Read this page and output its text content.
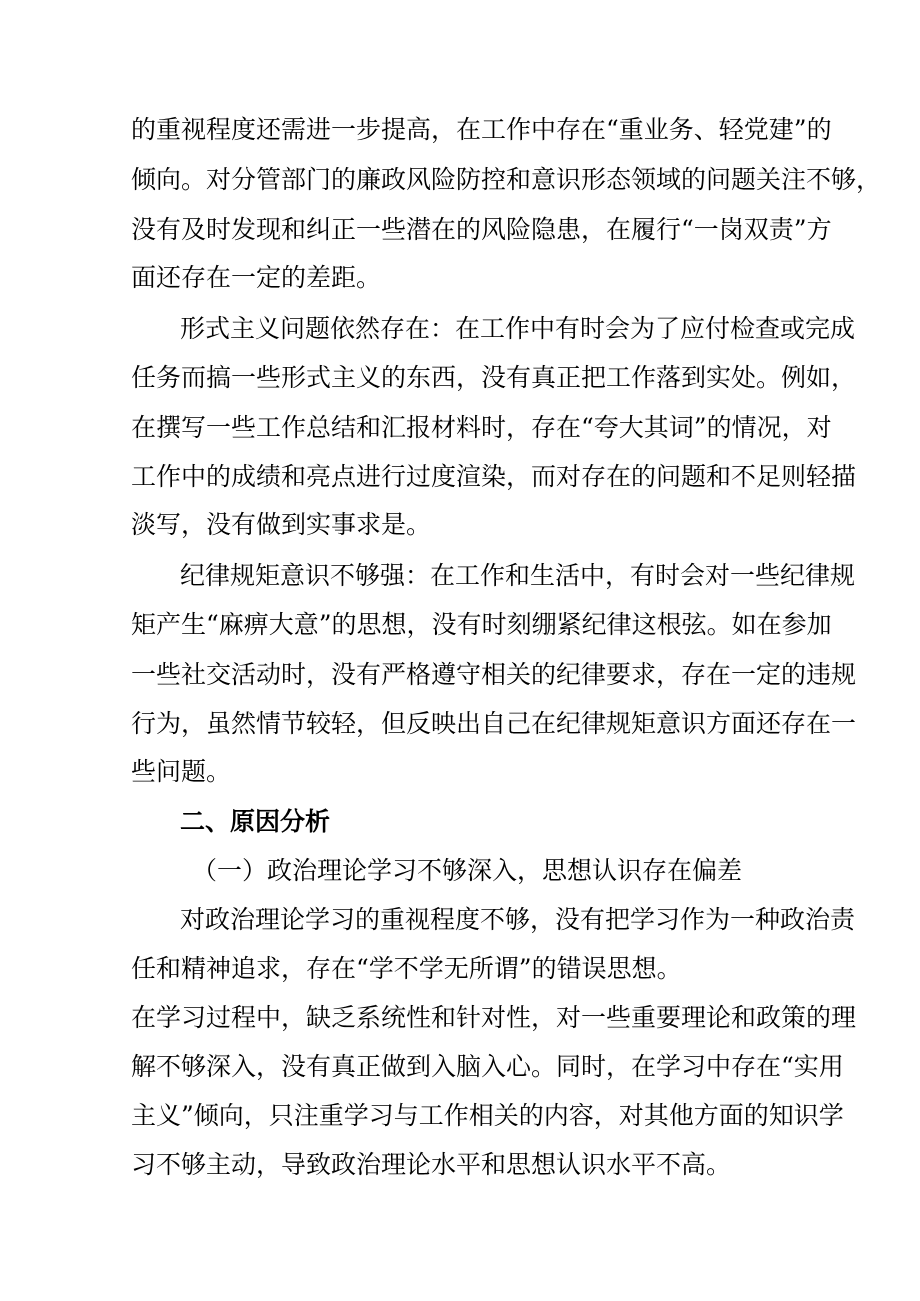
的重视程度还需进一步提高，在工作中存在“重业务、轻党建”的
倾向。对分管部门的廉政风险防控和意识形态领域的问题关注不够，
没有及时发现和纠正一些潜在的风险隐患，在履行“一岗双责”方
面还存在一定的差距。
形式主义问题依然存在：在工作中有时会为了应付检查或完成
任务而搞一些形式主义的东西，没有真正把工作落到实处。例如，
在撰写一些工作总结和汇报材料时，存在“夸大其词”的情况，对
工作中的成绩和亮点进行过度渲染，而对存在的问题和不足则轻描
淡写，没有做到实事求是。
纪律规矩意识不够强：在工作和生活中，有时会对一些纪律规
矩产生“麻痹大意”的思想，没有时刻绷紧纪律这根弦。如在参加
一些社交活动时，没有严格遵守相关的纪律要求，存在一定的违规
行为，虽然情节较轻，但反映出自己在纪律规矩意识方面还存在一
些问题。
二、原因分析
（一）政治理论学习不够深入，思想认识存在偏差
对政治理论学习的重视程度不够，没有把学习作为一种政治责
任和精神追求，存在“学不学无所谓”的错误思想。
在学习过程中，缺乏系统性和针对性，对一些重要理论和政策的理
解不够深入，没有真正做到入脑入心。同时，在学习中存在“实用
主义”倾向，只注重学习与工作相关的内容，对其他方面的知识学
习不够主动，导致政治理论水平和思想认识水平不高。
